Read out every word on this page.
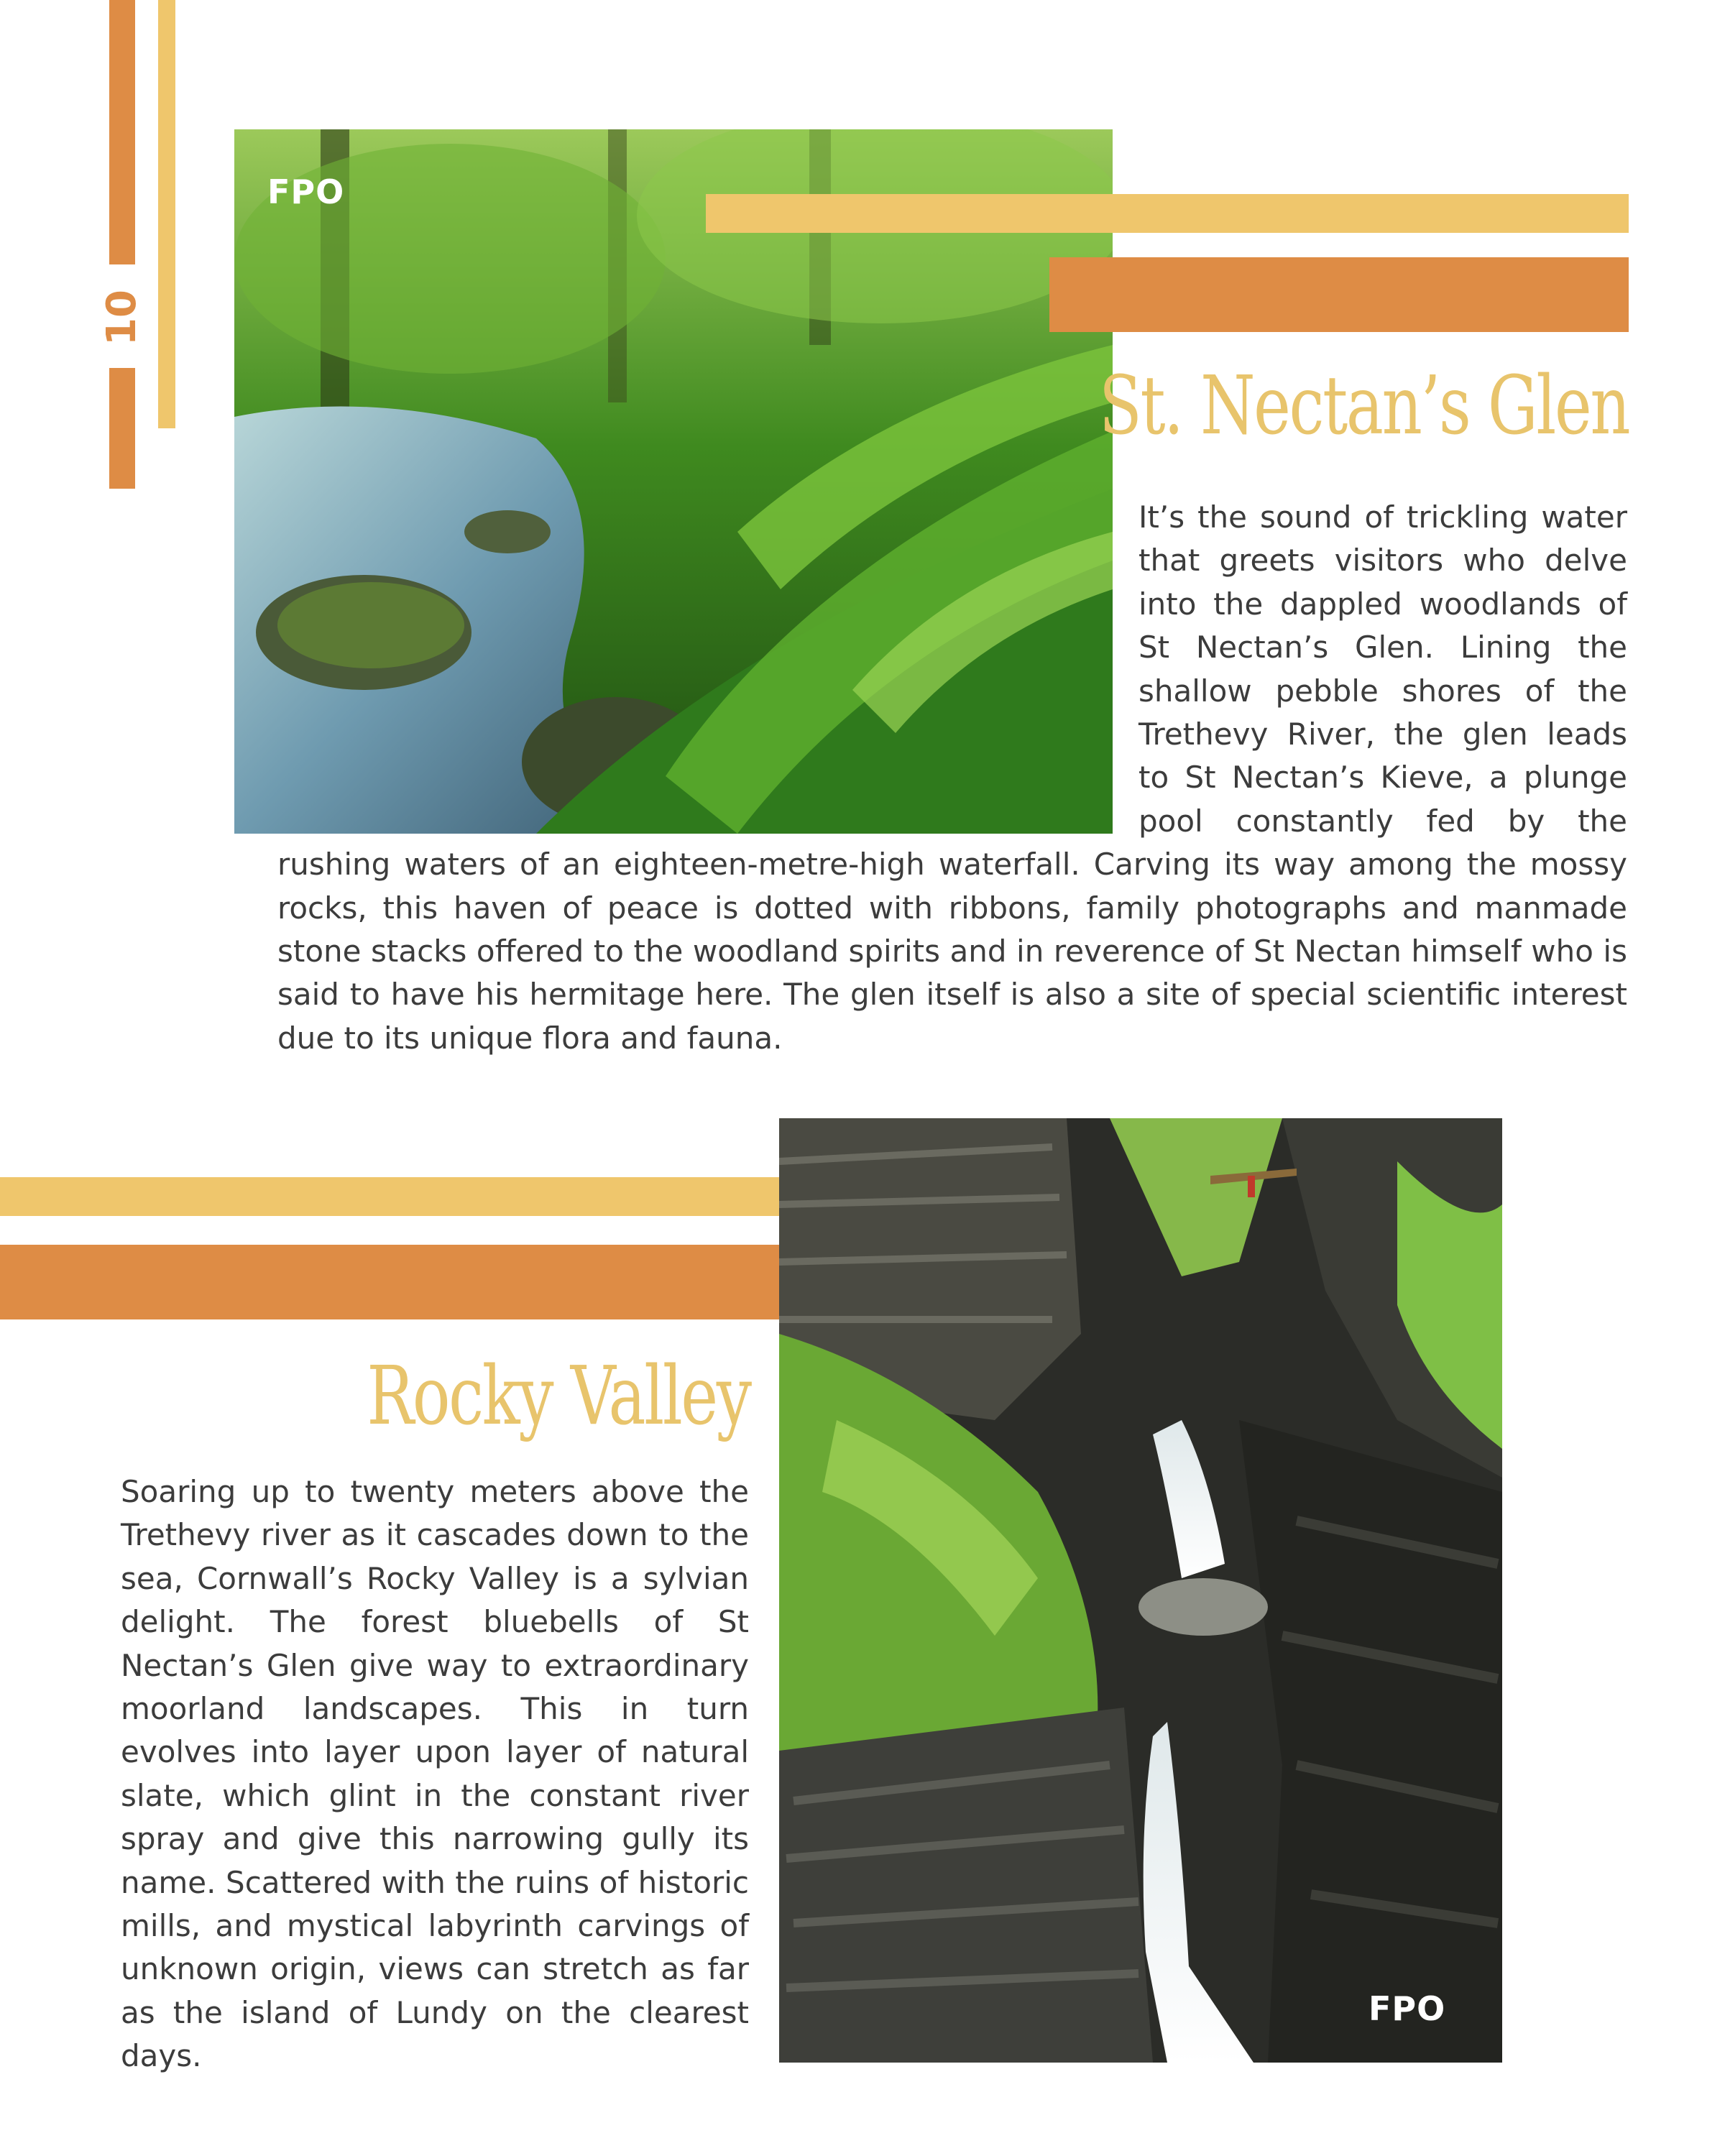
10
FPO
St. Nectan’s Glen

It’s the sound of trickling water that greets visitors who delve into the dappled woodlands of St Nectan’s Glen. Lining the shallow pebble shores of the Trethevy River, the glen leads to St Nectan’s Kieve, a plunge pool constantly fed by the rushing waters of an eighteen-metre-high waterfall. Carving its way among the mossy rocks, this haven of peace is dotted with ribbons, family photographs and manmade stone stacks offered to the woodland spirits and in reverence of St Nectan himself who is said to have his hermitage here. The glen itself is also a site of special scientific interest due to its unique flora and fauna.

FPO
Rocky Valley

Soaring up to twenty meters above the Trethevy river as it cascades down to the sea, Cornwall’s Rocky Valley is a sylvian delight. The forest bluebells of St Nectan’s Glen give way to extraordinary moorland landscapes. This in turn evolves into layer upon layer of natural slate, which glint in the constant river spray and give this narrowing gully its name. Scattered with the ruins of historic mills, and mystical labyrinth carvings of unknown origin, views can stretch as far as the island of Lundy on the clearest days.
